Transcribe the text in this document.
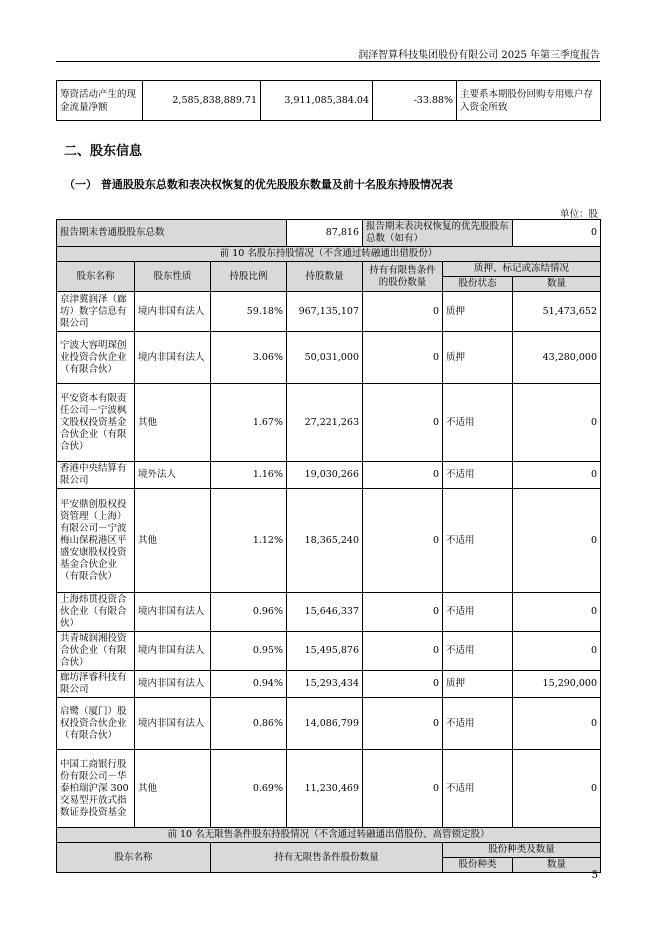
润泽智算科技集团股份有限公司 2025 年第三季度报告
筹资活动产生的现金流量净额	2,585,838,889.71	3,911,085,384.04	-33.88%	主要系本期股份回购专用账户存入资金所致
二、股东信息
（一） 普通股股东总数和表决权恢复的优先股股东数量及前十名股东持股情况表
单位：股
报告期末普通股股东总数			87,816	报告期末表决权恢复的优先股股东总数（如有）		0
前 10 名股东持股情况（不含通过转融通出借股份）						
股东名称	股东性质	持股比例	持股数量	持有有限售条件的股份数量	质押、标记或冻结情况	
					股份状态	数量
京津冀润泽（廊坊）数字信息有限公司	境内非国有法人	59.18%	967,135,107	0	质押	51,473,652
宁波大容明琛创业投资合伙企业（有限合伙）	境内非国有法人	3.06%	50,031,000	0	质押	43,280,000
平安资本有限责任公司－宁波枫文股权投资基金合伙企业（有限合伙）	其他	1.67%	27,221,263	0	不适用	0
香港中央结算有限公司	境外法人	1.16%	19,030,266	0	不适用	0
平安鼎创股权投资管理（上海）有限公司－宁波梅山保税港区平盛安康股权投资基金合伙企业（有限合伙）	其他	1.12%	18,365,240	0	不适用	0
上海炜贯投资合伙企业（有限合伙）	境内非国有法人	0.96%	15,646,337	0	不适用	0
共青城润湘投资合伙企业（有限合伙）	境内非国有法人	0.95%	15,495,876	0	不适用	0
廊坊泽睿科技有限公司	境内非国有法人	0.94%	15,293,434	0	质押	15,290,000
启鹭（厦门）股权投资合伙企业（有限合伙）	境内非国有法人	0.86%	14,086,799	0	不适用	0
中国工商银行股份有限公司－华泰柏瑞沪深 300 交易型开放式指数证券投资基金	其他	0.69%	11,230,469	0	不适用	0
前 10 名无限售条件股东持股情况（不含通过转融通出借股份、高管锁定股）						
股东名称		持有无限售条件股份数量			股份种类及数量	
					股份种类	数量
5
